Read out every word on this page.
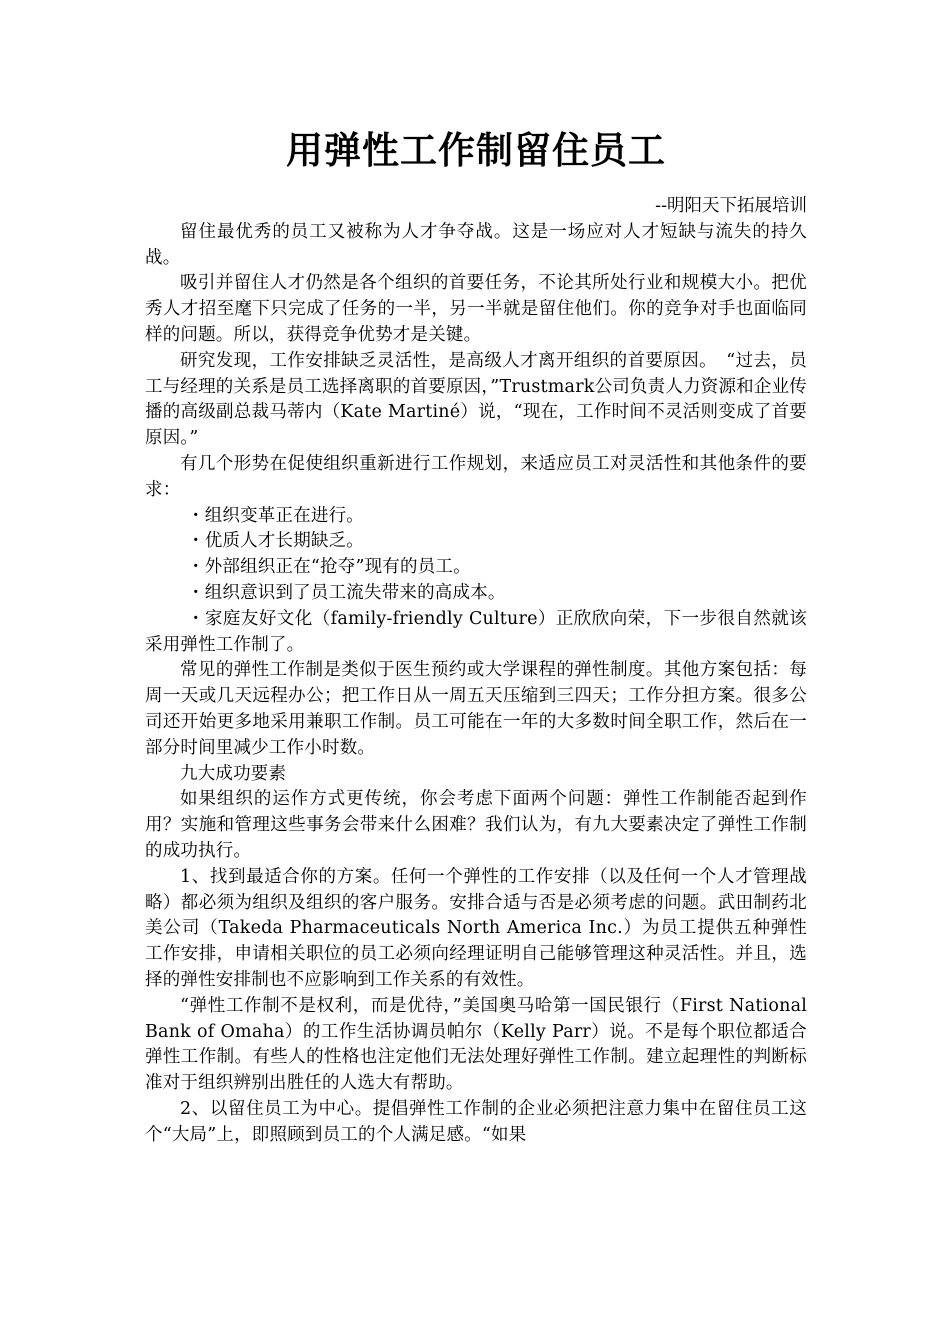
用弹性工作制留住员工
--明阳天下拓展培训

留住最优秀的员工又被称为人才争夺战。这是一场应对人才短缺与流失的持久战。

吸引并留住人才仍然是各个组织的首要任务，不论其所处行业和规模大小。把优秀人才招至麾下只完成了任务的一半，另一半就是留住他们。你的竞争对手也面临同样的问题。所以，获得竞争优势才是关键。

研究发现，工作安排缺乏灵活性，是高级人才离开组织的首要原因。　“过去，员工与经理的关系是员工选择离职的首要原因，”Trustmark公司负责人力资源和企业传播的高级副总裁马蒂内（Kate Martiné）说，“现在，工作时间不灵活则变成了首要原因。”

有几个形势在促使组织重新进行工作规划，来适应员工对灵活性和其他条件的要求：

・组织变革正在进行。

・优质人才长期缺乏。

・外部组织正在“抢夺”现有的员工。

・组织意识到了员工流失带来的高成本。

・家庭友好文化（family-friendly Culture）正欣欣向荣，下一步很自然就该采用弹性工作制了。

常见的弹性工作制是类似于医生预约或大学课程的弹性制度。其他方案包括：每周一天或几天远程办公；把工作日从一周五天压缩到三四天；工作分担方案。很多公司还开始更多地采用兼职工作制。员工可能在一年的大多数时间全职工作，然后在一部分时间里减少工作小时数。

九大成功要素

如果组织的运作方式更传统，你会考虑下面两个问题：弹性工作制能否起到作用？实施和管理这些事务会带来什么困难？我们认为，有九大要素决定了弹性工作制的成功执行。

1、找到最适合你的方案。任何一个弹性的工作安排（以及任何一个人才管理战略）都必须为组织及组织的客户服务。安排合适与否是必须考虑的问题。武田制药北美公司（Takeda Pharmaceuticals North America Inc.）为员工提供五种弹性工作安排，申请相关职位的员工必须向经理证明自己能够管理这种灵活性。并且，选择的弹性安排制也不应影响到工作关系的有效性。

“弹性工作制不是权利，而是优待，”美国奥马哈第一国民银行（First National Bank of Omaha）的工作生活协调员帕尔（Kelly Parr）说。不是每个职位都适合弹性工作制。有些人的性格也注定他们无法处理好弹性工作制。建立起理性的判断标准对于组织辨别出胜任的人选大有帮助。

2、以留住员工为中心。提倡弹性工作制的企业必须把注意力集中在留住员工这个“大局”上，即照顾到员工的个人满足感。“如果
